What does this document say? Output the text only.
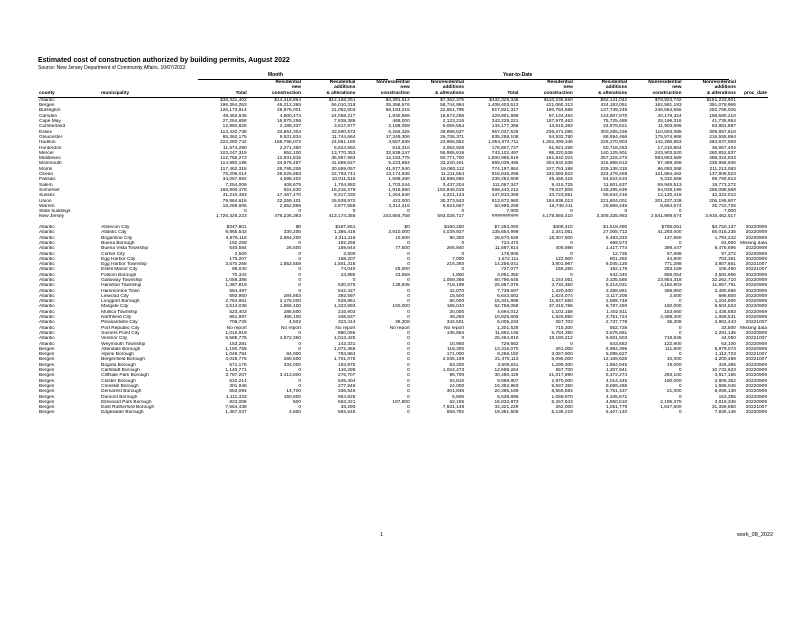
Estimated cost of construction authorized by building permits, August 2022
Source: New Jersey Department of Community Affairs, 10/07/2022
Month	Year-to-Date
			Residential	Residential	Nonresidential	Nonresidential		Residential	Residential	Nonresidential	Nonresidential	
			new	additions	new	additions		new	additions	new	additions	
county	municipality	Total	construction	& alterations	construction	& alterations	Total	construction	& alterations	construction	& alterations	proc_date
Atlantic		$38,331,402	$14,418,864	$12,158,251	$4,391,912	$7,362,375	$432,325,335	$110,235,660	$92,131,042	$78,924,732	$151,233,901	
Bergen		196,364,253	46,212,365	56,010,318	35,396,576	58,744,994	1,408,403,513	421,060,313	434,183,051	162,581,183	391,078,966	
Burlington		126,173,814	25,976,001	21,052,603	56,193,215	22,951,795	817,821,317	180,764,688	137,739,249	246,554,555	252,766,025	
Camden		49,462,845	4,800,474	24,058,217	1,930,886	18,673,268	429,801,898	87,134,484	143,907,870	40,178,324	158,580,210	
Cape May		27,264,858	16,975,256	7,638,386	468,000	2,123,216	343,228,221	197,570,463	75,725,488	28,196,316	41,735,954	
Cumberland		12,950,826	2,188,337	3,517,877	2,188,058	5,056,554	134,177,366	13,515,282	24,876,621	11,903,596	83,881,867	
Essex		113,420,738	33,664,304	33,590,572	6,266,325	39,899,537	957,037,525	236,271,086	300,265,436	110,603,385	309,857,618	
Gloucester		65,362,175	9,531,834	11,744,664	17,349,306	26,736,371	535,258,108	54,532,780	88,594,466	175,574,968	216,555,894	
Hudson		222,280,742	168,796,072	24,861,180	3,657,638	24,965,852	1,954,674,711	1,302,499,346	226,270,903	142,266,853	283,637,559	
Hunterdon		11,574,280	2,271,350	6,624,692	615,310	2,062,928	176,807,727	61,921,256	60,718,263	17,210,804	36,957,404	
Mercer		103,247,319	852,100	13,770,353	32,839,247	55,985,619	743,102,497	88,220,539	140,125,901	243,903,520	260,852,537	
Middlesex		112,755,273	12,831,816	36,957,982	12,193,775	50,771,700	1,500,965,919	161,642,024	257,315,273	593,683,689	488,324,933	
Monmouth		114,992,196	34,676,487	41,869,627	5,223,684	33,220,401	958,039,485	304,832,538	316,958,613	97,489,368	238,958,946	
Morris		117,462,315	25,765,206	30,659,057	41,977,940	19,060,112	774,197,864	247,753,198	229,138,315	86,093,268	211,213,083	
Ocean		76,206,014	29,025,883	22,793,741	13,174,836	11,211,554	816,845,266	332,593,822	224,478,459	121,964,462	137,808,523	
Passaic		34,067,682	4,598,402	10,011,515	1,598,260	18,698,865	239,282,606	45,455,415	84,624,610	9,432,668	99,769,913	
Salem		7,254,006	408,675	1,704,883	1,703,244	3,437,204	111,067,347	9,415,725	11,801,637	69,946,513	19,773,272	
Somerset		168,900,478	924,530	15,215,279	1,915,650	150,845,019	568,440,212	78,037,806	148,285,639	84,028,199	258,088,568	
Sussex		31,210,483	17,467,470	8,317,330	1,264,540	4,221,143	147,810,369	33,723,551	59,644,418	12,120,418	42,322,012	
Union		79,864,616	22,259,101	26,939,972	422,000	30,373,543	813,672,960	184,836,013	221,604,001	201,237,339	206,195,607	
Warren		16,269,605	2,652,866	3,677,656	3,314,416	6,624,667	60,996,259	16,749,411	29,869,448	8,654,674	25,722,725	
State buildings		0	0	0	0	0	7,000	0	0	0	7,000	
New Jersey		1,726,325,223	476,236,393	413,174,355	243,884,758	593,028,717	##########	4,178,565,410	3,308,325,953	2,541,989,674	3,915,462,517	

Atlantic	Absecon City	$347,901	$0	$187,651	$0	$160,250	$7,463,060	$408,410	$1,519,490	$785,051	$4,750,137	20220909
Atlantic	Atlantic City	9,865,543	330,200	1,385,416	3,910,000	4,039,927	135,654,998	2,341,051	27,005,712	41,293,000	65,015,235	20220909
Atlantic	Brigantine City	4,876,116	2,564,200	2,211,116	10,500	90,300	28,670,625	18,307,500	6,483,333	147,550	1,793,242	20220909
Atlantic	Buena Borough	192,258	0	192,258	0	0	724,473	0	659,573	0	64,900	Missing data
Atlantic	Buena Vista Township	540,584	26,500	169,644	77,500	266,940	11,697,814	408,698	1,417,774	398,447	9,476,895	20220909
Atlantic	Corbin City	2,500	0	2,500	0	0	178,906	0	12,735	67,699	97,372	20220909
Atlantic	Egg Harbor City	175,207	0	168,207	0	7,000	1,672,111	122,900	801,250	44,600	703,361	20220909
Atlantic	Egg Harbor Township	3,570,268	1,852,559	1,501,316	0	216,393	14,256,041	3,801,967	6,045,125	771,288	3,807,661	20221007
Atlantic	Estell Manor City	99,040	0	74,040	25,000	0	727,077	155,250	182,178	283,159	106,490	20221007
Atlantic	Folsom Borough	70,344	0	24,985	43,559	1,800	3,861,350	0	542,340	856,054	2,582,956	20220909
Atlantic	Galloway Township	1,059,386	0	0	0	1,059,386	60,796,645	1,244,051	3,335,586	23,954,318	32,262,710	20220909
Atlantic	Hamilton Township	1,387,819	0	530,575	139,945	718,199	25,987,075	3,732,350	5,214,031	4,182,903	11,857,791	20220909
Atlantic	Hammonton Town	584,497	0	542,427	0	42,070	7,739,697	1,420,400	3,368,861	469,850	2,480,586	20220909
Atlantic	Linwood City	692,950	284,853	392,597	0	15,500	5,643,582	1,824,074	3,117,208	2,500	699,800	20220909
Atlantic	Longport Borough	2,764,861	2,176,000	528,861	0	60,000	15,341,898	11,647,550	2,589,748	0	1,104,600	20220909
Atlantic	Margate City	3,514,036	1,855,100	1,323,893	150,000	185,043	52,758,059	37,315,786	8,787,450	150,000	6,504,823	20220909
Atlantic	Mullica Township	523,403	286,500	216,903	0	20,000	4,694,012	1,102,158	1,402,611	153,660	1,435,583	20220909
Atlantic	Northfield City	861,987	466,100	346,637	0	49,250	10,925,605	1,625,950	3,751,724	4,489,400	1,058,531	20220909
Atlantic	Pleasantville City	706,725	4,502	323,414	36,308	342,501	6,005,233	267,703	2,737,779	36,308	2,963,443	20221007
Atlantic	Port Republic City	No report	No report	No report	No report	No report	1,301,528	715,300	552,728	0	33,500	Missing data
Atlantic	Somers Point City	1,016,919	0	880,055	0	136,864	11,862,146	5,784,350	3,576,661	0	2,291,135	20220909
Atlantic	Ventnor City	5,585,775	4,572,350	1,013,425	0	0	25,454,810	18,190,212	6,501,503	718,845	44,050	20221007
Atlantic	Weymouth Township	153,281	0	142,331	0	10,950	729,662	0	543,662	122,900	63,100	20220909
Bergen	Allendale Borough	1,190,765	0	1,072,465	0	118,300	13,316,070	261,000	6,964,396	111,600	5,979,074	20220909
Bergen	Alpine Borough	1,049,784	84,900	793,884	0	171,000	9,256,150	3,057,900	5,085,527	0	1,112,723	20221007
Bergen	Bergenfield Borough	4,025,775	289,500	1,701,076	0	2,035,199	21,475,113	6,095,000	12,169,626	10,000	3,200,489	20221007
Bergen	Bogota Borough	571,175	334,000	183,975	0	53,200	3,508,811	1,299,300	1,864,945	19,000	326,366	20220909
Bergen	Carlstadt Borough	1,140,771	0	116,298	0	1,024,473	12,698,264	657,700	1,307,941	0	10,732,623	20220909
Bergen	Cliffside Park Borough	3,787,207	3,413,800	276,707	0	96,700	30,490,429	21,017,890	5,372,274	283,100	3,817,165	20220909
Bergen	Closter Borough	610,214	0	545,404	0	64,810	9,969,807	2,970,000	4,014,445	180,000	2,805,362	20220909
Bergen	Cresskill Borough	301,946	0	277,946	0	24,000	16,352,863	5,597,350	9,069,468	0	1,686,045	20220909
Bergen	Demarest Borough	653,094	14,700	336,546	0	301,848	20,385,169	8,556,594	5,751,437	21,000	6,056,138	20220909
Bergen	Dumont Borough	1,111,333	150,800	954,928	0	5,605	5,538,896	1,059,970	4,345,571	0	153,355	20220909
Bergen	Elmwood Park Borough	823,006	500	563,321	197,800	62,185	16,832,873	6,267,643	4,550,510	2,195,375	3,819,345	20220909
Bergen	East Rutherford Borough	7,664,438	0	33,290	0	7,631,148	34,321,229	262,000	1,051,779	1,647,600	31,359,850	20221007
Bergen	Edgewater Borough	1,357,037	4,600	692,645	0	659,792	19,381,505	5,138,219	6,407,140	0	7,836,146	20220909
1	work_08_2022
